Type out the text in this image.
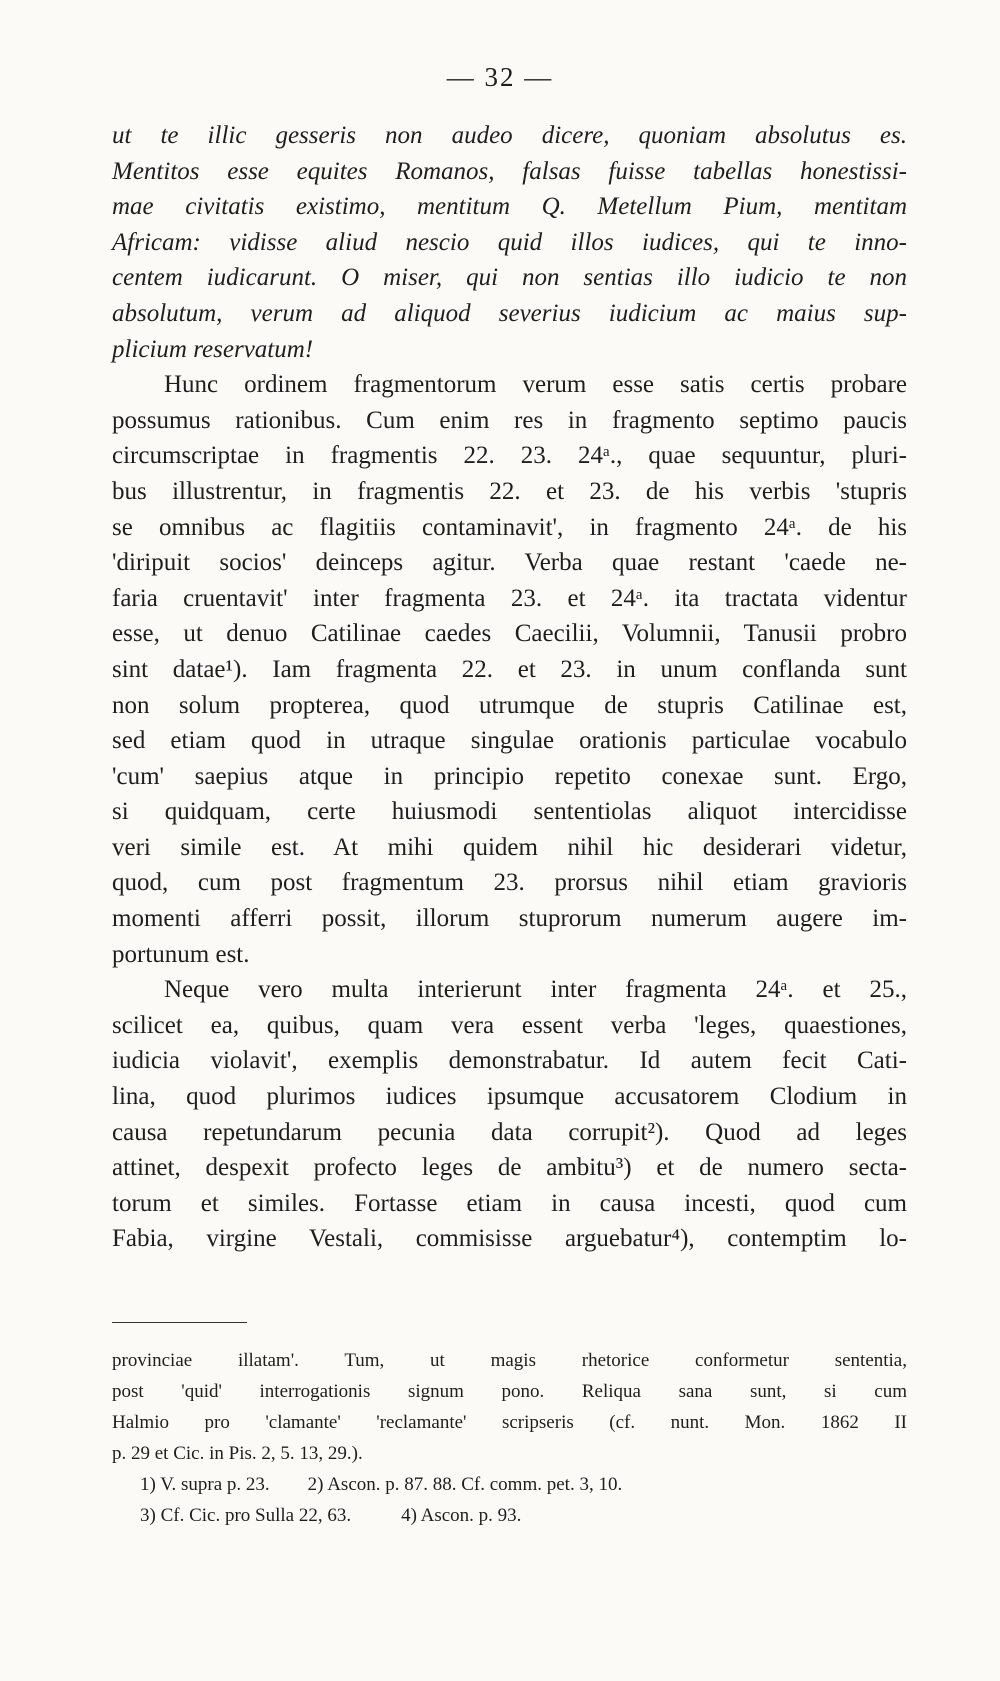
— 32 —
ut te illic gesseris non audeo dicere, quoniam absolutus es.
Mentitos esse equites Romanos, falsas fuisse tabellas honestissi-
mae civitatis existimo, mentitum Q. Metellum Pium, mentitam
Africam: vidisse aliud nescio quid illos iudices, qui te inno-
centem iudicarunt. O miser, qui non sentias illo iudicio te non
absolutum, verum ad aliquod severius iudicium ac maius sup-
plicium reservatum!
Hunc ordinem fragmentorum verum esse satis certis probare
possumus rationibus. Cum enim res in fragmento septimo paucis
circumscriptae in fragmentis 22. 23. 24ᵃ., quae sequuntur, pluri-
bus illustrentur, in fragmentis 22. et 23. de his verbis 'stupris
se omnibus ac flagitiis contaminavit', in fragmento 24ᵃ. de his
'diripuit socios' deinceps agitur. Verba quae restant 'caede ne-
faria cruentavit' inter fragmenta 23. et 24ᵃ. ita tractata videntur
esse, ut denuo Catilinae caedes Caecilii, Volumnii, Tanusii probro
sint datae¹). Iam fragmenta 22. et 23. in unum conflanda sunt
non solum propterea, quod utrumque de stupris Catilinae est,
sed etiam quod in utraque singulae orationis particulae vocabulo
'cum' saepius atque in principio repetito conexae sunt. Ergo,
si quidquam, certe huiusmodi sententiolas aliquot intercidisse
veri simile est. At mihi quidem nihil hic desiderari videtur,
quod, cum post fragmentum 23. prorsus nihil etiam gravioris
momenti afferri possit, illorum stuprorum numerum augere im-
portunum est.
Neque vero multa interierunt inter fragmenta 24ᵃ. et 25.,
scilicet ea, quibus, quam vera essent verba 'leges, quaestiones,
iudicia violavit', exemplis demonstrabatur. Id autem fecit Cati-
lina, quod plurimos iudices ipsumque accusatorem Clodium in
causa repetundarum pecunia data corrupit²). Quod ad leges
attinet, despexit profecto leges de ambitu³) et de numero secta-
torum et similes. Fortasse etiam in causa incesti, quod cum
Fabia, virgine Vestali, commisisse arguebatur⁴), contemptim lo-
provinciae illatam'. Tum, ut magis rhetorice conformetur sententia,
post 'quid' interrogationis signum pono. Reliqua sana sunt, si cum
Halmio pro 'clamante' 'reclamante' scripseris (cf. nunt. Mon. 1862 II
p. 29 et Cic. in Pis. 2, 5. 13, 29.).
1) V. supra p. 23. 2) Ascon. p. 87. 88. Cf. comm. pet. 3, 10.
3) Cf. Cic. pro Sulla 22, 63.	4) Ascon. p. 93.
